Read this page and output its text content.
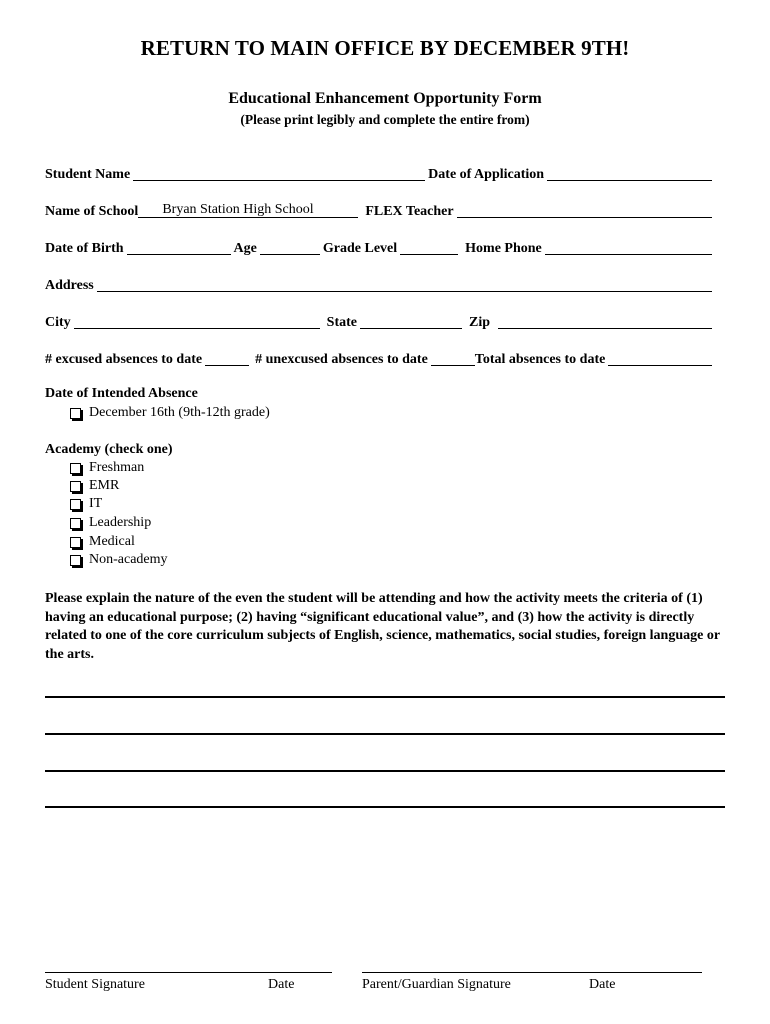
RETURN TO MAIN OFFICE BY DECEMBER 9TH!
Educational Enhancement Opportunity Form
(Please print legibly and complete the entire from)
Student Name	Date of Application
Name of School Bryan Station High School	FLEX Teacher
Date of Birth	Age	Grade Level	Home Phone
Address
City	State	Zip
# excused absences to date	# unexcused absences to date	Total absences to date
Date of Intended Absence
December 16th (9th-12th grade)
Academy (check one)
Freshman
EMR
IT
Leadership
Medical
Non-academy
Please explain the nature of the even the student will be attending and how the activity meets the criteria of (1) having an educational purpose; (2) having “significant educational value”, and (3) how the activity is directly related to one of the core curriculum subjects of English, science, mathematics, social studies, foreign language or the arts.
Student Signature	Date	Parent/Guardian Signature	Date
